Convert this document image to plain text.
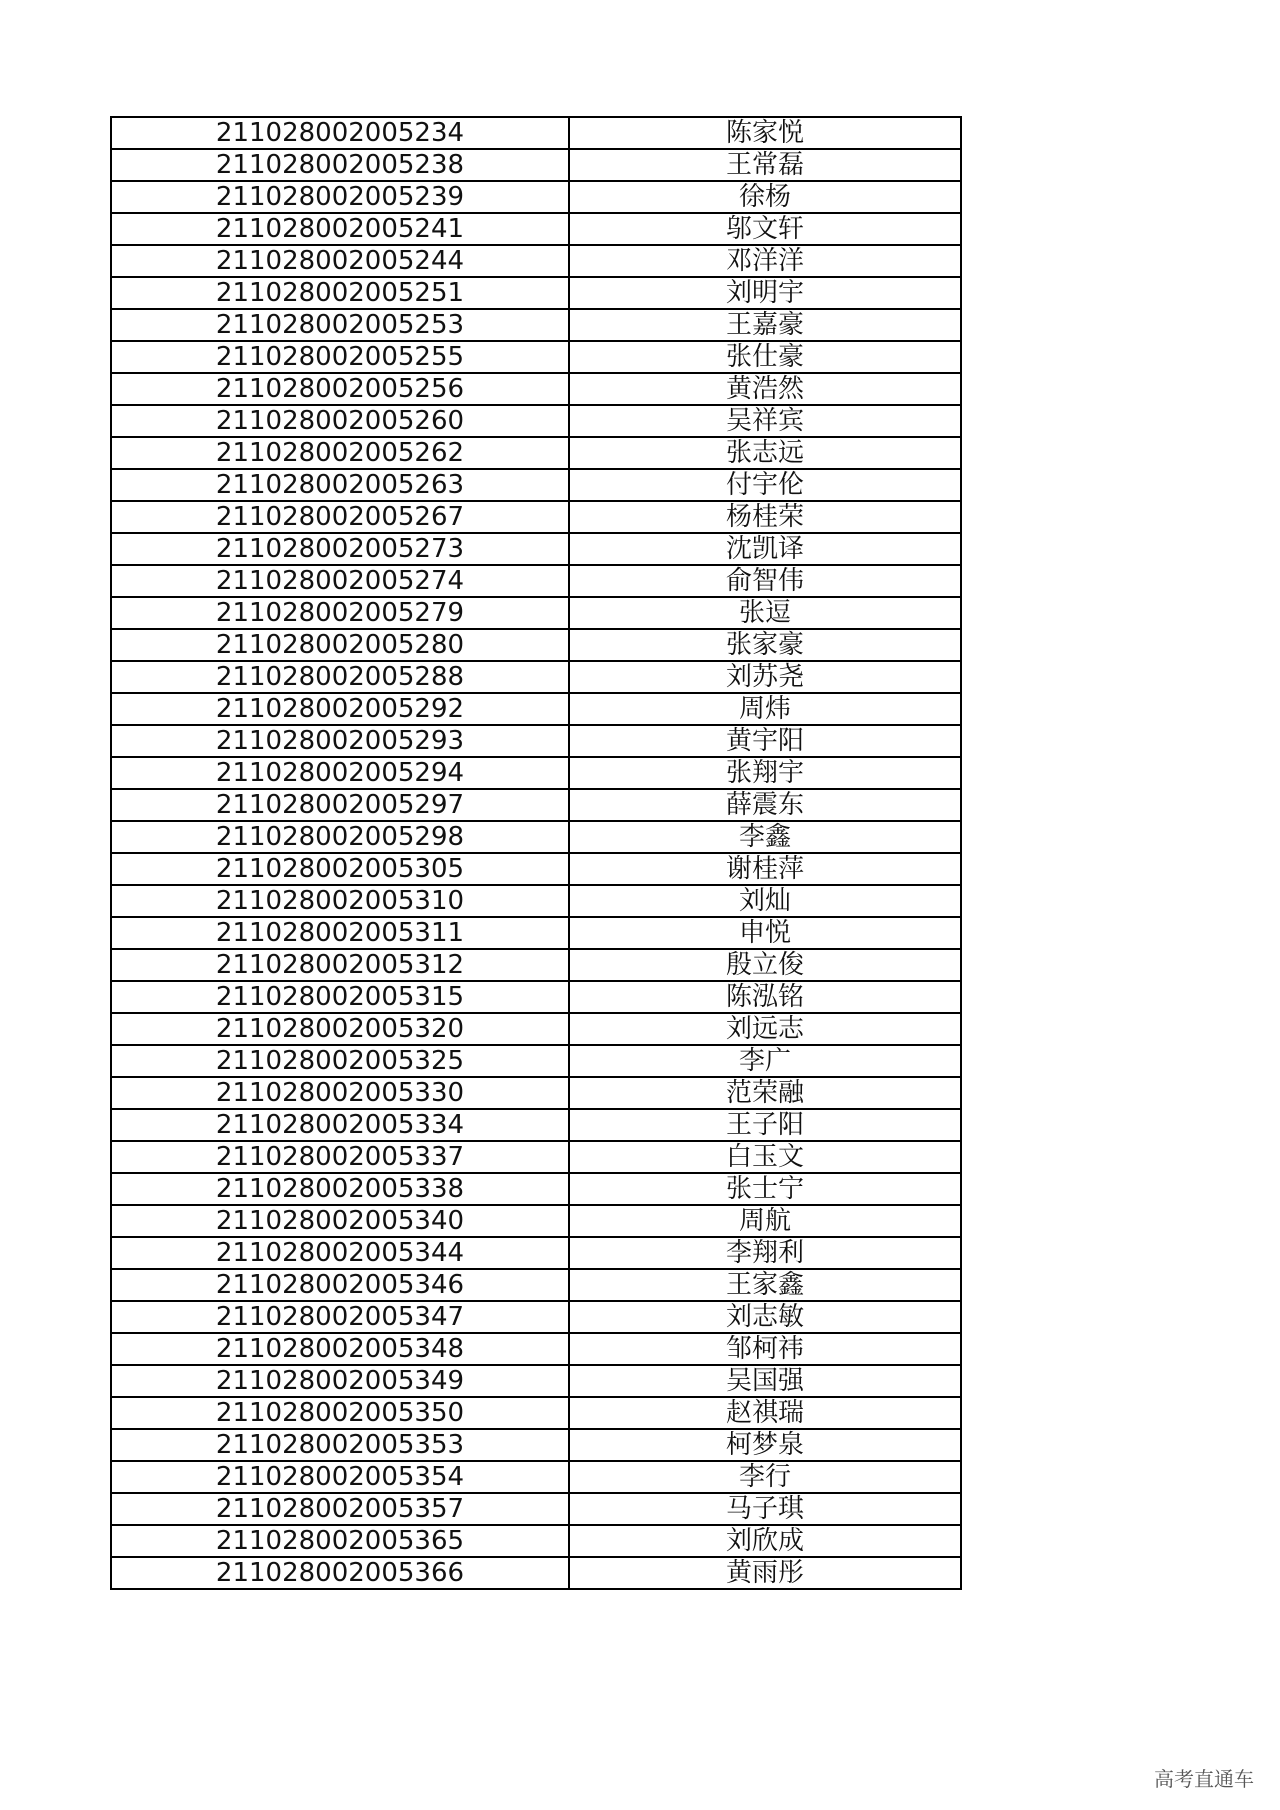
211028002005234	陈家悦
211028002005238	王常磊
211028002005239	徐杨
211028002005241	邬文轩
211028002005244	邓洋洋
211028002005251	刘明宇
211028002005253	王嘉豪
211028002005255	张仕豪
211028002005256	黄浩然
211028002005260	吴祥宾
211028002005262	张志远
211028002005263	付宇伦
211028002005267	杨桂荣
211028002005273	沈凯译
211028002005274	俞智伟
211028002005279	张逗
211028002005280	张家豪
211028002005288	刘苏尧
211028002005292	周炜
211028002005293	黄宇阳
211028002005294	张翔宇
211028002005297	薛震东
211028002005298	李鑫
211028002005305	谢桂萍
211028002005310	刘灿
211028002005311	申悦
211028002005312	殷立俊
211028002005315	陈泓铭
211028002005320	刘远志
211028002005325	李广
211028002005330	范荣融
211028002005334	王子阳
211028002005337	白玉文
211028002005338	张士宁
211028002005340	周航
211028002005344	李翔利
211028002005346	王家鑫
211028002005347	刘志敏
211028002005348	邹柯祎
211028002005349	吴国强
211028002005350	赵祺瑞
211028002005353	柯梦泉
211028002005354	李行
211028002005357	马子琪
211028002005365	刘欣成
211028002005366	黄雨彤
高考直通车
